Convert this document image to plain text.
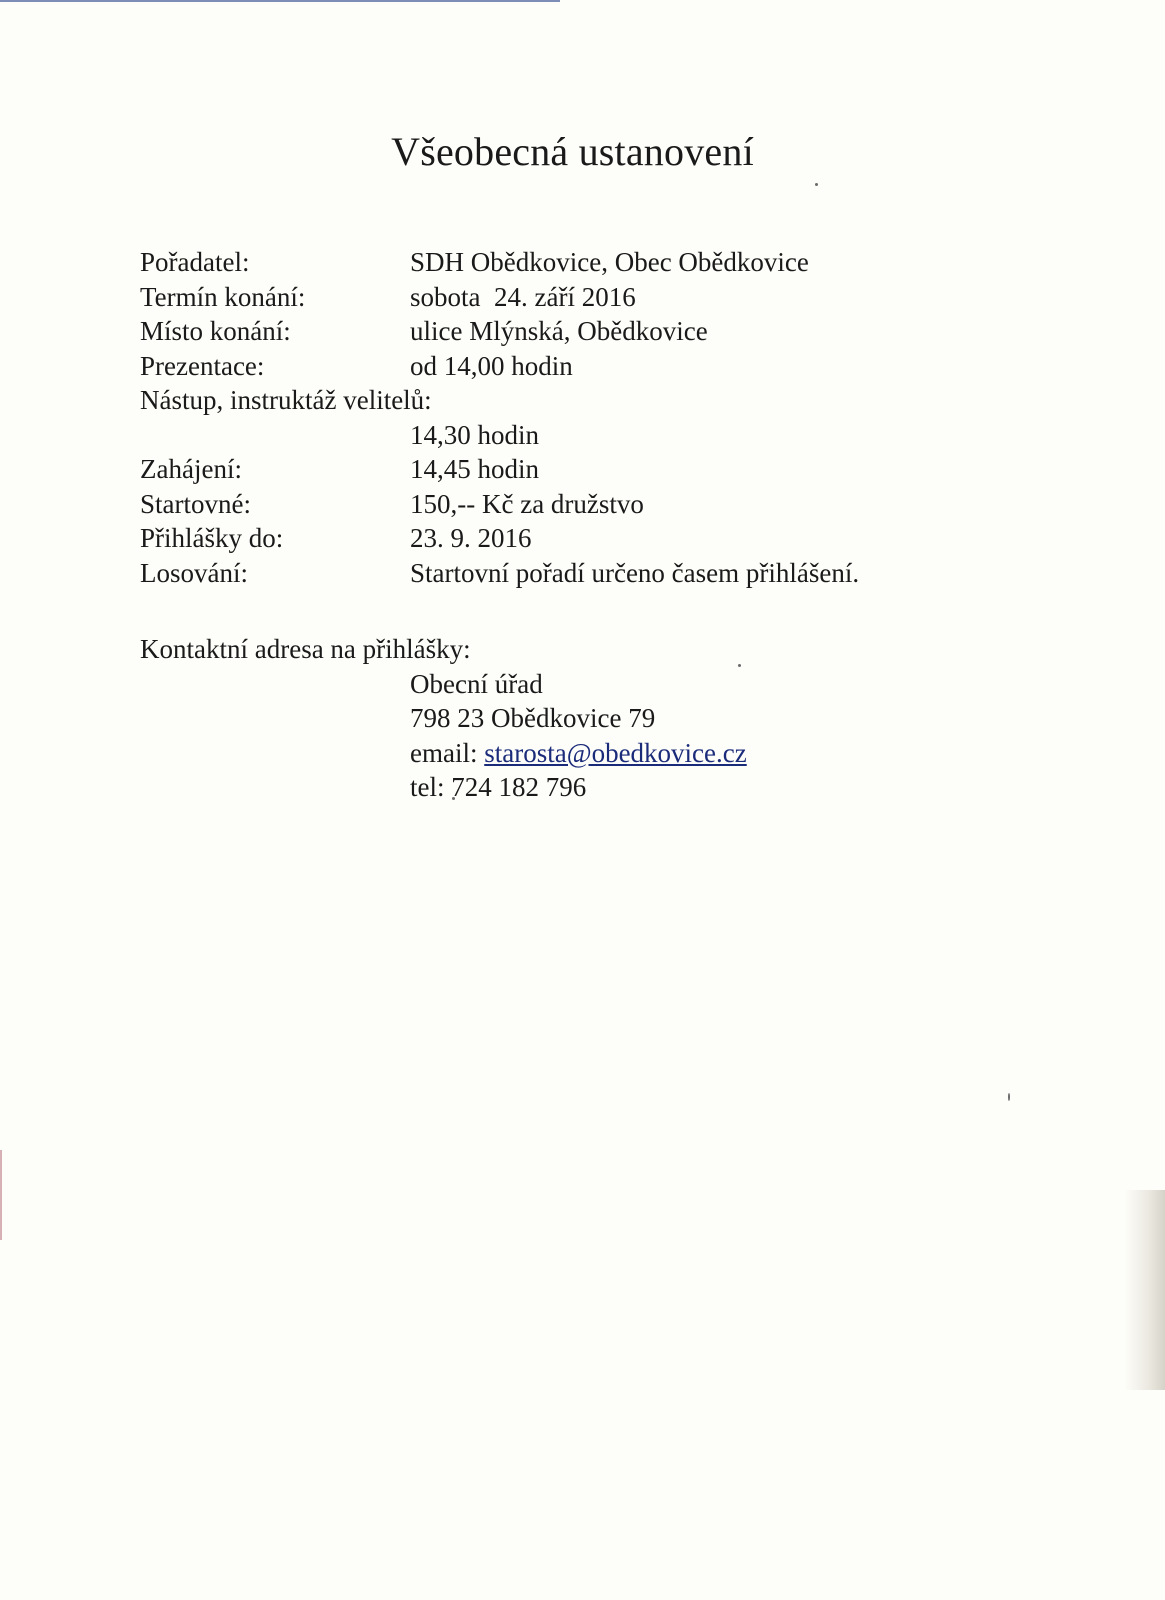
Všeobecná ustanovení
Pořadatel:	SDH Obědkovice, Obec Obědkovice
Termín konání:	sobota  24. září 2016
Místo konání:	ulice Mlýnská, Obědkovice
Prezentace:	od 14,00 hodin
Nástup, instruktáž velitelů:
14,30 hodin
Zahájení:	14,45 hodin
Startovné:	150,-- Kč za družstvo
Přihlášky do:	23. 9. 2016
Losování:	Startovní pořadí určeno časem přihlášení.
Kontaktní adresa na přihlášky:
Obecní úřad
798 23 Obědkovice 79
email:
starosta@obedkovice.cz
tel: 724 182 796
